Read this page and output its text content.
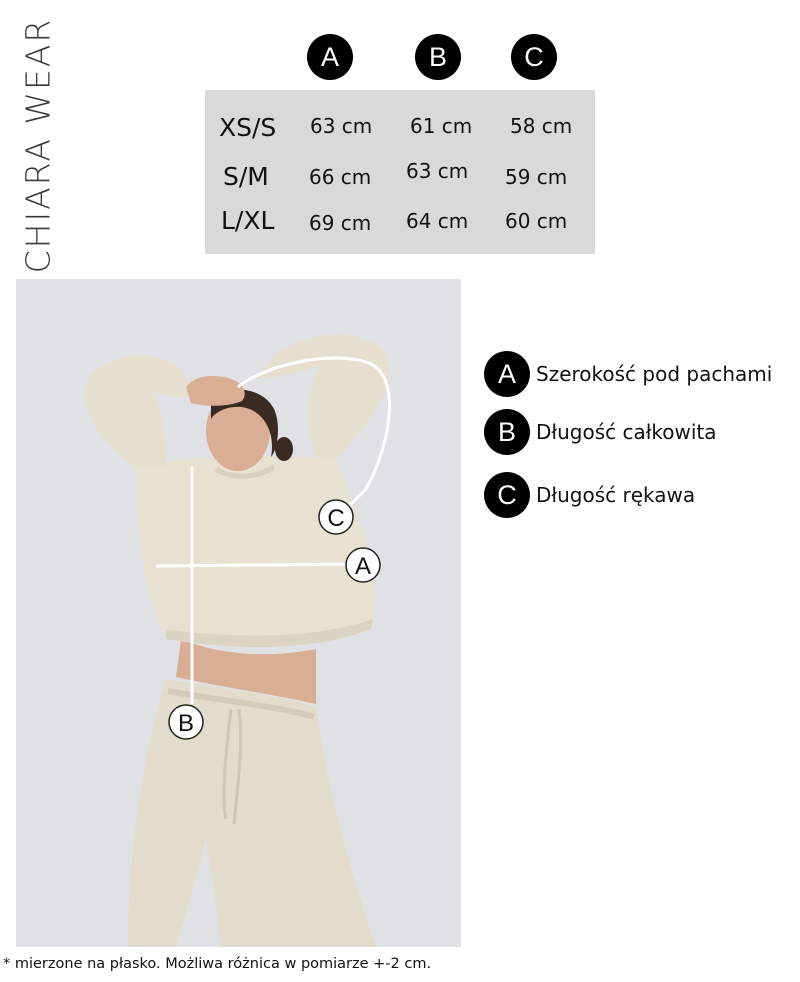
CHIARA WEAR	A	B	C
XS/S 63 cm 61 cm 58 cm
S/M 66 cm 63 cm 59 cm
L/XL 69 cm 64 cm 60 cm
C
A
B
A	Szerokość pod pachami
B	Długość całkowita
C Długość rękawa
* mierzone na płasko. Możliwa różnica w pomiarze +-2 cm.
